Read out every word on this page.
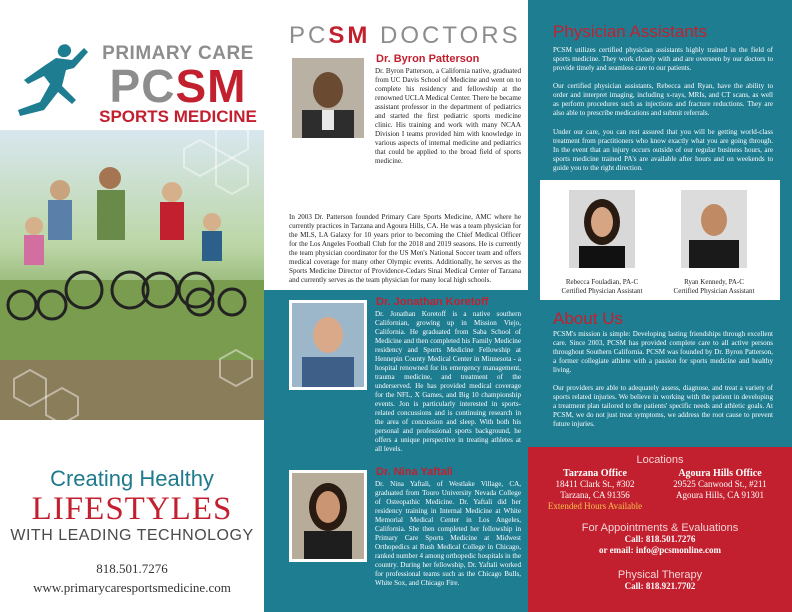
PRIMARY CARE
PCSM
SPORTS MEDICINE
Creating Healthy
LIFESTYLES
WITH LEADING TECHNOLOGY
818.501.7276
www.primarycaresportsmedicine.com
PCSM DOCTORS
Dr. Byron Patterson
Dr. Byron Patterson, a California native, graduated from UC Davis School of Medicine and went on to complete his residency and fellowship at the renowned UCLA Medical Center. There he became assistant professor in the department of pediatrics and started the first pediatric sports medicine clinic. His training and work with many NCAA Division I teams provided him with knowledge in various aspects of internal medicine and pediatrics that could be applied to the broad field of sports medicine.
In 2003 Dr. Patterson founded Primary Care Sports Medicine, AMC where he currently practices in Tarzana and Agoura Hills, CA. He was a team physician for the MLS, LA Galaxy for 10 years prior to becoming the Chief Medical Officer for the Los Angeles Football Club for the 2018 and 2019 seasons. He is currently the team physician coordinator for the US Men's National Soccer team and offers medical coverage for many other Olympic events. Additionally, he serves as the Sports Medicine Director of Providence-Cedars Sinai Medical Center of Tarzana and currently serves as the team physician for many local high schools.
Dr. Jonathan Koretoff
Dr. Jonathan Koretoff is a native southern Californian, growing up in Mission Viejo, California. He graduated from Saba School of Medicine and then completed his Family Medicine residency and Sports Medicine Fellowship at Hennepin County Medical Center in Minnesota - a hospital renowned for its emergency management, trauma medicine, and treatment of the underserved. He has provided medical coverage for the NFL, X Games, and Big 10 championship events. Jon is particularly interested in sports-related concussions and is continuing research in the area of concussion and sleep. With both his personal and professional sports background, he offers a unique perspective in treating athletes at all levels.
Dr. Nina Yaftali
Dr. Nina Yaftali, of Westlake Village, CA, graduated from Touro University Nevada College of Osteopathic Medicine. Dr. Yaftali did her residency training in Internal Medicine at White Memorial Medical Center in Los Angeles, California. She then completed her fellowship in Primary Care Sports Medicine at Midwest Orthopedics at Rush Medical College in Chicago, ranked number 4 among orthopedic hospitals in the country. During her fellowship, Dr. Yaftali worked for professional teams such as the Chicago Bulls, White Sox, and Chicago Fire.
Physician Assistants
PCSM utilizes certified physician assistants highly trained in the field of sports medicine. They work closely with and are overseen by our doctors to provide timely and seamless care to our patients.
Our certified physician assistants, Rebecca and Ryan, have the ability to order and interpret imaging, including x-rays, MRIs, and CT scans, as well as perform procedures such as injections and fracture reductions. They are also able to prescribe medications and submit referrals.
Under our care, you can rest assured that you will be getting world-class treatment from practitioners who know exactly what you are going through. In the event that an injury occurs outside of our regular business hours, are sports medicine trained PA's are available after hours and on weekends to guide you to the right direction.
Rebecca Fouladian, PA-C
Certified Physician Assistant
Ryan Kennedy, PA-C
Certified Physician Assistant
About Us
PCSM's mission is simple: Developing lasting friendships through excellent care. Since 2003, PCSM has provided complete care to all active persons throughout Southern California. PCSM was founded by Dr. Byron Patterson, a former collegiate athlete with a passion for sports medicine and healthy living.
Our providers are able to adequately assess, diagnose, and treat a variety of sports related injuries. We believe in working with the patient in developing a treatment plan tailored to the patients' specific needs and athletic goals. At PCSM, we do not just treat symptoms, we address the root cause to prevent future injuries.
Locations
Tarzana Office
18411 Clark St., #302
Tarzana, CA 91356
Extended Hours Available
Agoura Hills Office
29525 Canwood St., #211
Agoura Hills, CA 91301
For Appointments & Evaluations
Call: 818.501.7276
or email: info@pcsmonline.com
Physical Therapy
Call: 818.921.7702
